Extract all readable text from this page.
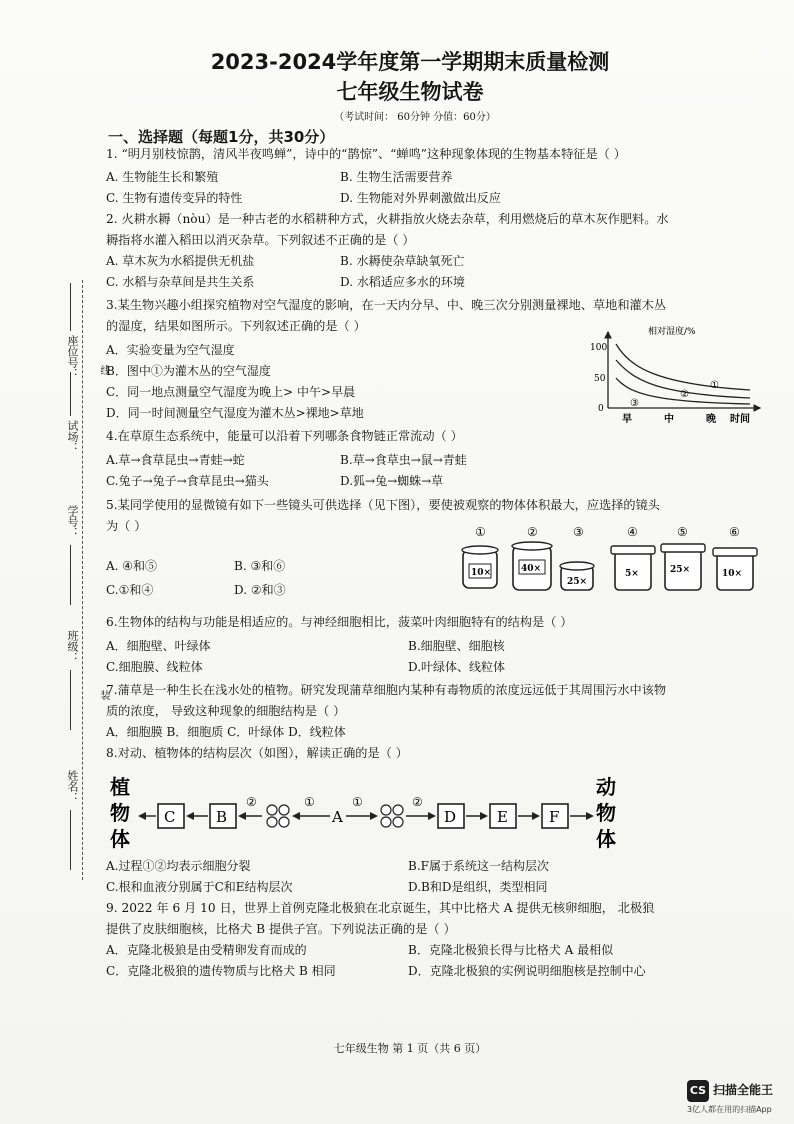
2023-2024学年度第一学期期末质量检测
七年级生物试卷
（考试时间： 60分钟 分值：60分）
座位号：
试场：
学号：
班级：
姓名：
线
装
一、选择题（每题1分，共30分）
1. “明月别枝惊鹊，清风半夜鸣蝉”，诗中的“鹊惊”、“蝉鸣”这种现象体现的生物基本特征是（ ）
A. 生物能生长和繁殖	B. 生物生活需要营养
C. 生物有遗传变异的特性	D. 生物能对外界刺激做出反应
2. 火耕水耨（nòu）是一种古老的水稻耕种方式，火耕指放火烧去杂草，利用燃烧后的草木灰作肥料。水
耨指将水灌入稻田以消灭杂草。下列叙述不正确的是（ ）
A. 草木灰为水稻提供无机盐	B. 水耨使杂草缺氧死亡
C. 水稻与杂草间是共生关系	D. 水稻适应多水的环境
3.某生物兴趣小组探究植物对空气湿度的影响，在一天内分早、中、晚三次分别测量裸地、草地和灌木丛
的湿度，结果如图所示。下列叙述正确的是（ ）
A．实验变量为空气湿度
B．图中①为灌木丛的空气湿度
C．同一地点测量空气湿度为晚上> 中午>早晨
D．同一时间测量空气湿度为灌木丛>裸地>草地
相对湿度/%
100
50
0
①
②
③
早	中	晚 时间
4.在草原生态系统中，能量可以沿着下列哪条食物链正常流动（ ）
A.草→食草昆虫→青蛙→蛇	B.草→食草虫→鼠→青蛙
C.兔子→兔子→食草昆虫→猫头	D.狐→兔→蜘蛛→草
5.某同学使用的显微镜有如下一些镜头可供选择（见下图），要使被观察的物体体积最大，应选择的镜头
为（ ）
A. ④和⑤	B. ③和⑥
C.①和④	D. ②和③
①
10×
②
40×
③
25×
④
5×
⑤
25×
⑥
10×
6.生物体的结构与功能是相适应的。与神经细胞相比，菠菜叶肉细胞特有的结构是（ ）
A．细胞壁、叶绿体	B.细胞壁、细胞核
C.细胞膜、线粒体	D.叶绿体、线粒体
7.蒲草是一种生长在浅水处的植物。研究发现蒲草细胞内某种有毒物质的浓度远远低于其周围污水中该物
质的浓度， 导致这种现象的细胞结构是（ ）
A．细胞膜 B．细胞质 C．叶绿体 D．线粒体
8.对动、植物体的结构层次（如图），解读正确的是（ ）
植
物
体
C	B
②	①
A
①	②
D	E	F
动
物
体
A.过程①②均表示细胞分裂	B.F属于系统这一结构层次
C.根和血液分别属于C和E结构层次	D.B和D是组织，类型相同
9. 2022 年 6 月 10 日，世界上首例克隆北极狼在北京诞生，其中比格犬 A 提供无核卵细胞， 北极狼
提供了皮肤细胞核，比格犬 B 提供子宫。下列说法正确的是（ ）
A．克隆北极狼是由受精卵发育而成的	B．克隆北极狼长得与比格犬 A 最相似
C．克隆北极狼的遗传物质与比格犬 B 相同	D．克隆北极狼的实例说明细胞核是控制中心
七年级生物 第 1 页（共 6 页）
CS 扫描全能王
3亿人都在用的扫描App
